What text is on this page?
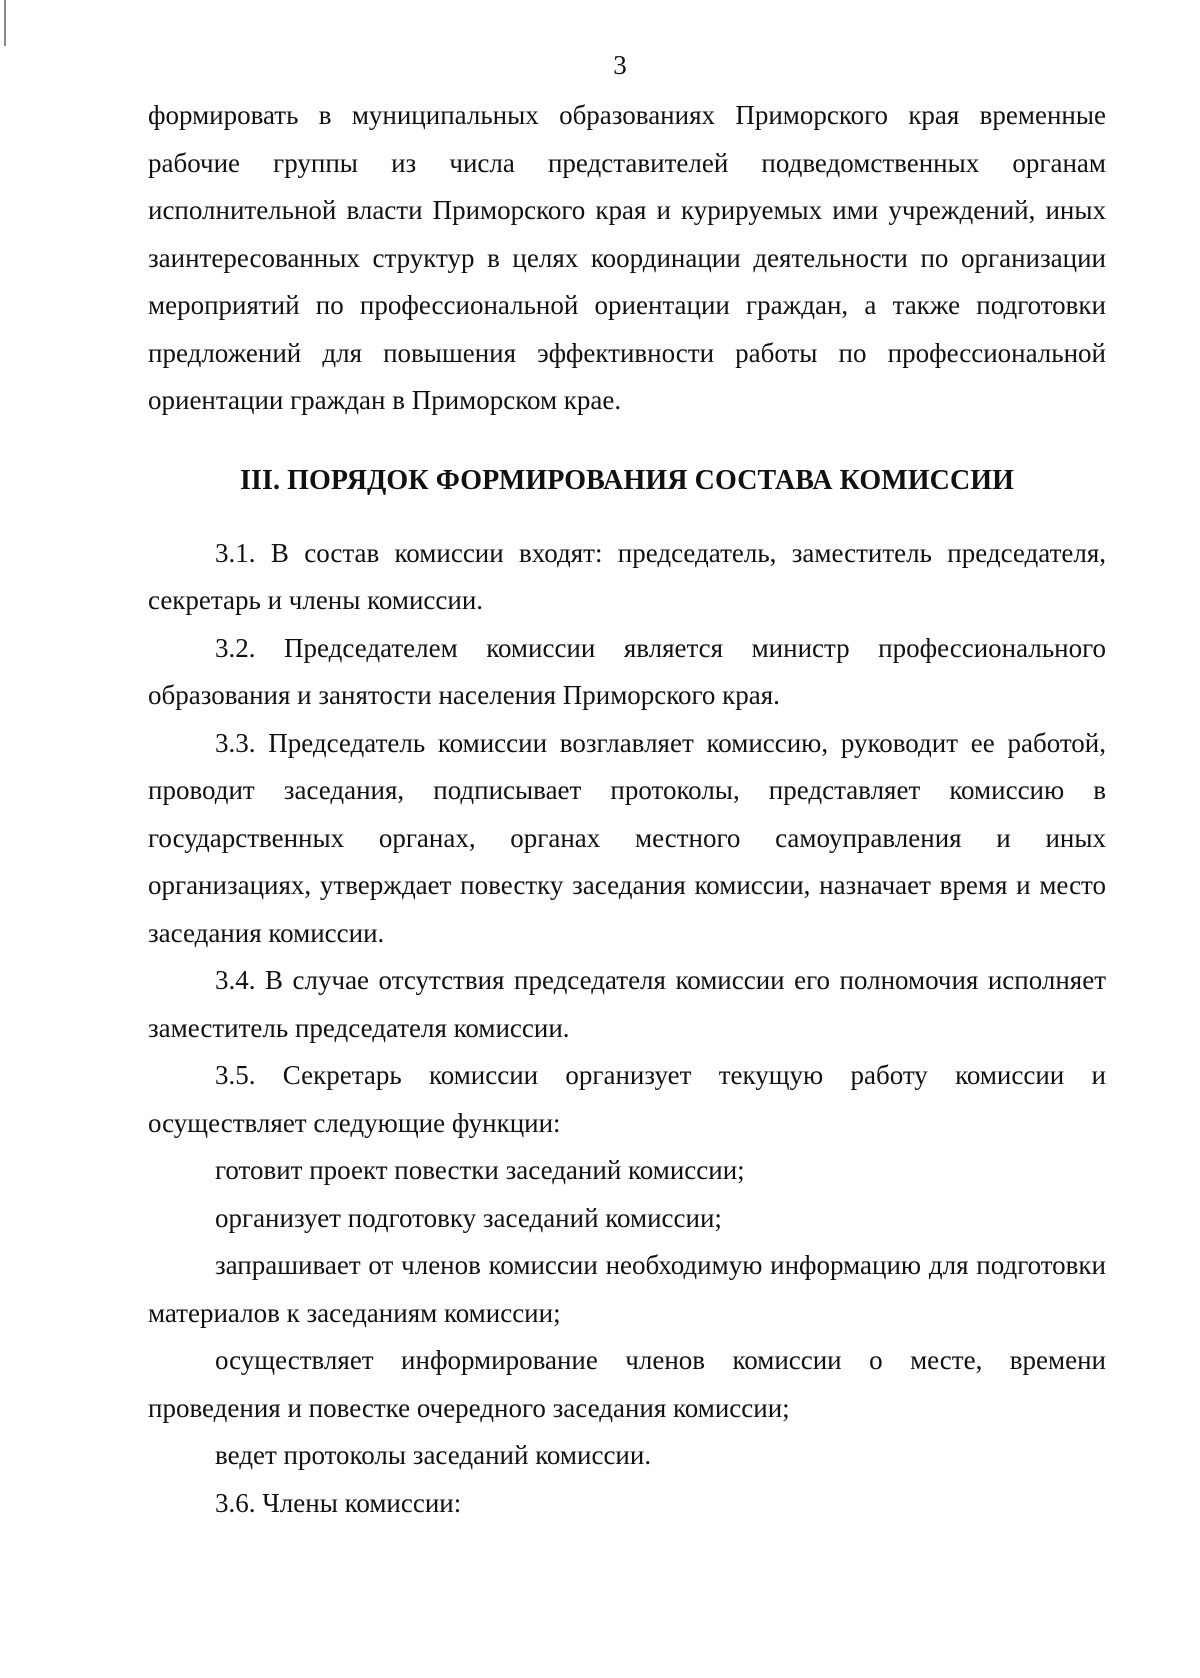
3

формировать в муниципальных образованиях Приморского края временные рабочие группы из числа представителей подведомственных органам исполнительной власти Приморского края и курируемых ими учреждений, иных заинтересованных структур в целях координации деятельности по организации мероприятий по профессиональной ориентации граждан, а также подготовки предложений для повышения эффективности работы по профессиональной ориентации граждан в Приморском крае.

III. ПОРЯДОК ФОРМИРОВАНИЯ СОСТАВА КОМИССИИ

3.1. В состав комиссии входят: председатель, заместитель председателя, секретарь и члены комиссии.

3.2. Председателем комиссии является министр профессионального образования и занятости населения Приморского края.

3.3. Председатель комиссии возглавляет комиссию, руководит ее работой, проводит заседания, подписывает протоколы, представляет комиссию в государственных органах, органах местного самоуправления и иных организациях, утверждает повестку заседания комиссии, назначает время и место заседания комиссии.

3.4. В случае отсутствия председателя комиссии его полномочия исполняет заместитель председателя комиссии.

3.5. Секретарь комиссии организует текущую работу комиссии и осуществляет следующие функции:

готовит проект повестки заседаний комиссии;

организует подготовку заседаний комиссии;

запрашивает от членов комиссии необходимую информацию для подготовки материалов к заседаниям комиссии;

осуществляет информирование членов комиссии о месте, времени проведения и повестке очередного заседания комиссии;

ведет протоколы заседаний комиссии.

3.6. Члены комиссии:
